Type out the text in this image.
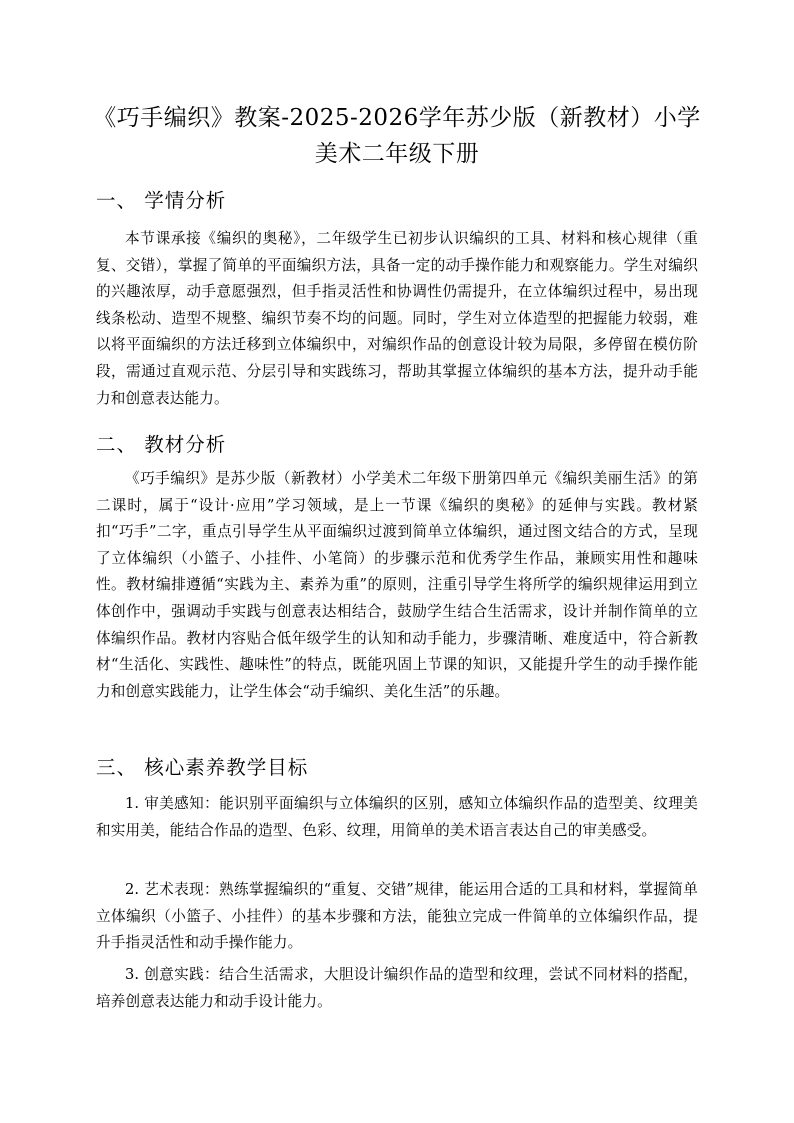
《巧手编织》教案-2025-2026学年苏少版（新教材）小学美术二年级下册
一、 学情分析

本节课承接《编织的奥秘》，二年级学生已初步认识编织的工具、材料和核心规律（重复、交错），掌握了简单的平面编织方法，具备一定的动手操作能力和观察能力。学生对编织的兴趣浓厚，动手意愿强烈，但手指灵活性和协调性仍需提升，在立体编织过程中，易出现线条松动、造型不规整、编织节奏不均的问题。同时，学生对立体造型的把握能力较弱，难以将平面编织的方法迁移到立体编织中，对编织作品的创意设计较为局限，多停留在模仿阶段，需通过直观示范、分层引导和实践练习，帮助其掌握立体编织的基本方法，提升动手能力和创意表达能力。

二、 教材分析

《巧手编织》是苏少版（新教材）小学美术二年级下册第四单元《编织美丽生活》的第二课时，属于“设计·应用”学习领域，是上一节课《编织的奥秘》的延伸与实践。教材紧扣“巧手”二字，重点引导学生从平面编织过渡到简单立体编织，通过图文结合的方式，呈现了立体编织（小篮子、小挂件、小笔筒）的步骤示范和优秀学生作品，兼顾实用性和趣味性。教材编排遵循“实践为主、素养为重”的原则，注重引导学生将所学的编织规律运用到立体创作中，强调动手实践与创意表达相结合，鼓励学生结合生活需求，设计并制作简单的立体编织作品。教材内容贴合低年级学生的认知和动手能力，步骤清晰、难度适中，符合新教材“生活化、实践性、趣味性”的特点，既能巩固上节课的知识，又能提升学生的动手操作能力和创意实践能力，让学生体会“动手编织、美化生活”的乐趣。

三、 核心素养教学目标

1. 审美感知：能识别平面编织与立体编织的区别，感知立体编织作品的造型美、纹理美和实用美，能结合作品的造型、色彩、纹理，用简单的美术语言表达自己的审美感受。

2. 艺术表现：熟练掌握编织的“重复、交错”规律，能运用合适的工具和材料，掌握简单立体编织（小篮子、小挂件）的基本步骤和方法，能独立完成一件简单的立体编织作品，提升手指灵活性和动手操作能力。

3. 创意实践：结合生活需求，大胆设计编织作品的造型和纹理，尝试不同材料的搭配，培养创意表达能力和动手设计能力。
